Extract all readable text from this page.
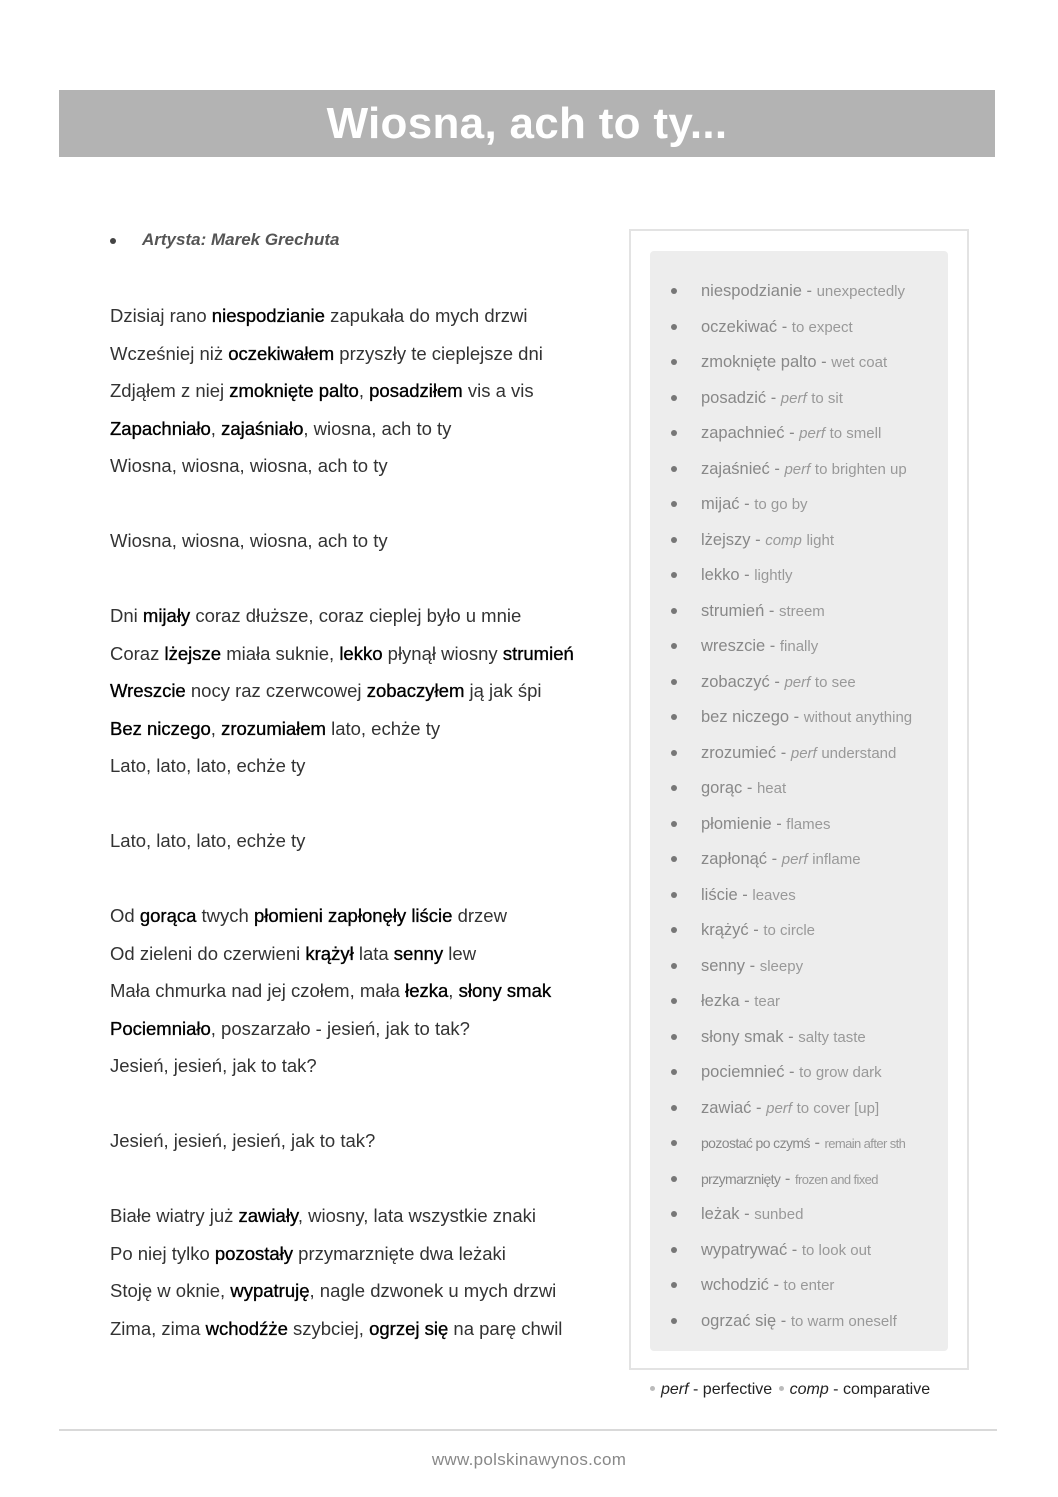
Wiosna, ach to ty...
Artysta: Marek Grechuta
Dzisiaj rano niespodzianie zapukała do mych drzwi
Wcześniej niż oczekiwałem przyszły te cieplejsze dni
Zdjąłem z niej zmoknięte palto, posadziłem vis a vis
Zapachniało, zajaśniało, wiosna, ach to ty
Wiosna, wiosna, wiosna, ach to ty
Wiosna, wiosna, wiosna, ach to ty
Dni mijały coraz dłuższe, coraz cieplej było u mnie
Coraz lżejsze miała suknie, lekko płynął wiosny strumień
Wreszcie nocy raz czerwcowej zobaczyłem ją jak śpi
Bez niczego, zrozumiałem lato, echże ty
Lato, lato, lato, echże ty
Lato, lato, lato, echże ty
Od gorąca twych płomieni zapłonęły liście drzew
Od zieleni do czerwieni krążył lata senny lew
Mała chmurka nad jej czołem, mała łezka, słony smak
Pociemniało, poszarzało - jesień, jak to tak?
Jesień, jesień, jak to tak?
Jesień, jesień, jesień, jak to tak?
Białe wiatry już zawiały, wiosny, lata wszystkie znaki
Po niej tylko pozostały przymarznięte dwa leżaki
Stoję w oknie, wypatruję, nagle dzwonek u mych drzwi
Zima, zima wchodźże szybciej, ogrzej się na parę chwil
niespodzianie - unexpectedly
oczekiwać - to expect
zmoknięte palto - wet coat
posadzić - perf to sit
zapachnieć - perf to smell
zajaśnieć - perf to brighten up
mijać - to go by
lżejszy - comp light
lekko - lightly
strumień - streem
wreszcie - finally
zobaczyć - perf to see
bez niczego - without anything
zrozumieć - perf understand
gorąc - heat
płomienie - flames
zapłonąć - perf inflame
liście - leaves
krążyć - to circle
senny - sleepy
łezka - tear
słony smak - salty taste
pociemnieć - to grow dark
zawiać - perf to cover [up]
pozostać po czymś - remain after sth
przymarznięty - frozen and fixed
leżak - sunbed
wypatrywać - to look out
wchodzić - to enter
ogrzać się - to warm oneself
perf - perfective comp - comparative
www.polskinawynos.com
